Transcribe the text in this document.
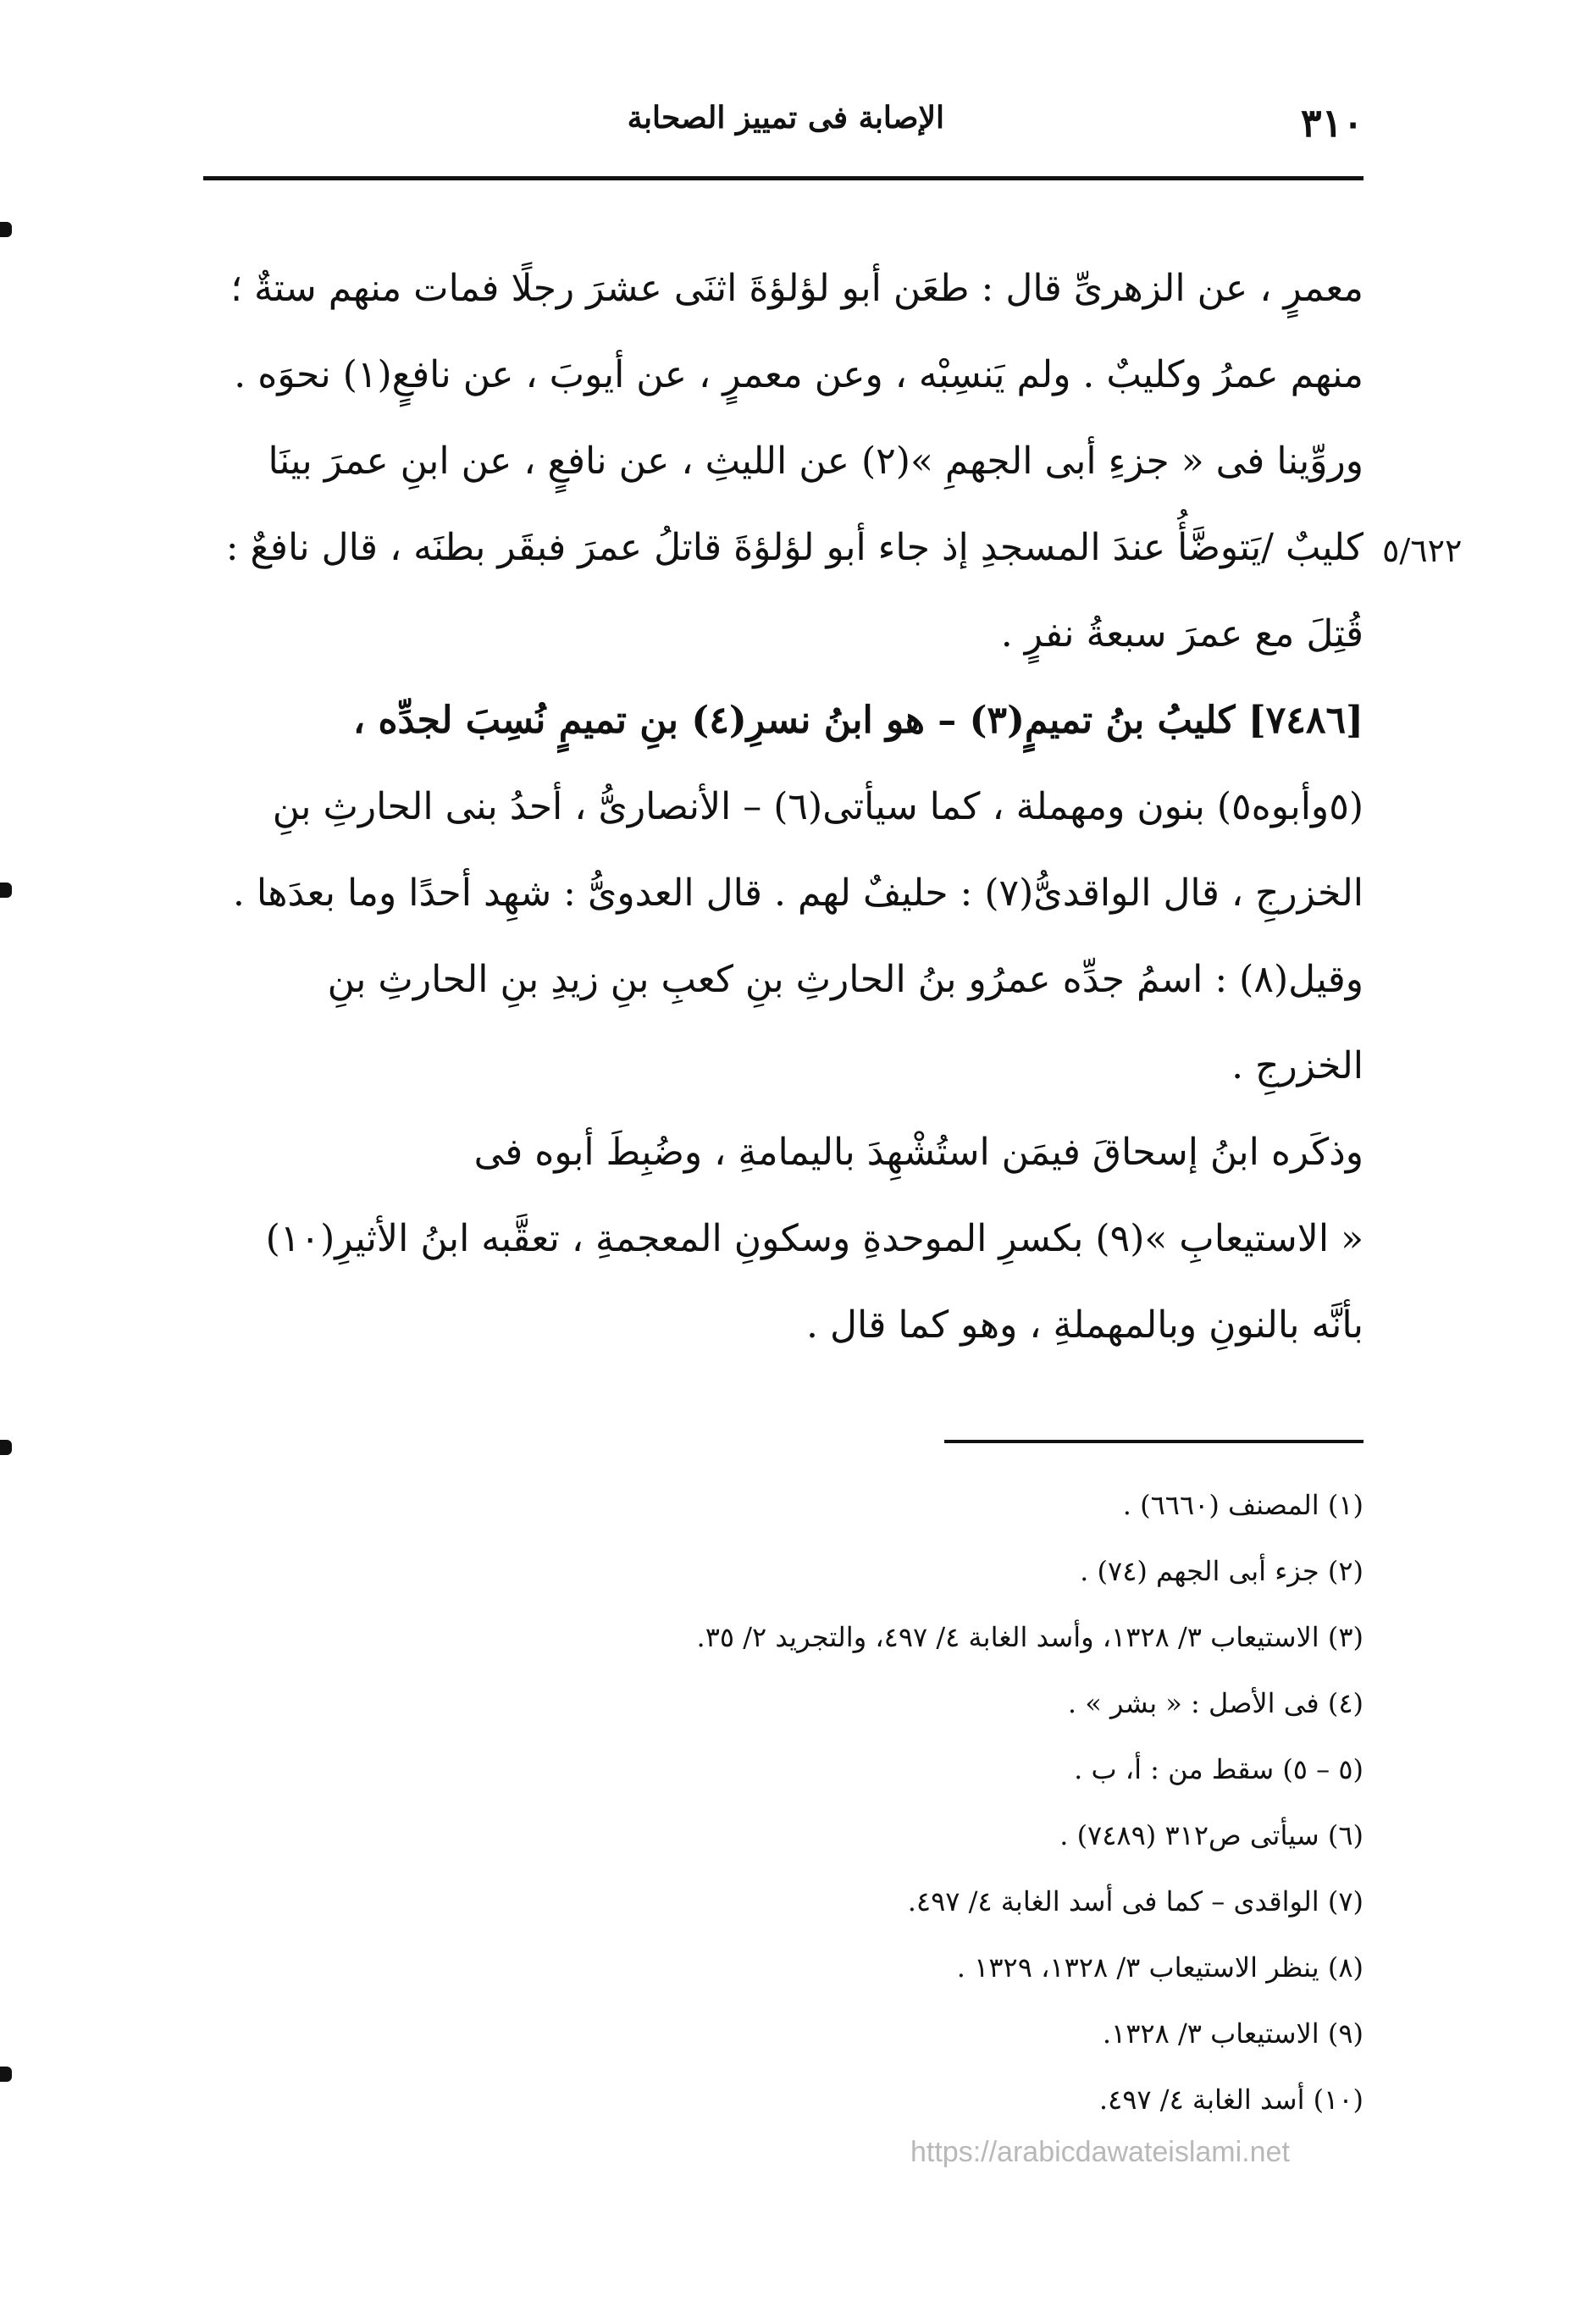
٣١٠
الإصابة فى تمييز الصحابة
معمرٍ ، عن الزهرىِّ قال : طعَن أبو لؤلؤةَ اثنَى عشرَ رجلًا فمات منهم ستةٌ ؛
منهم عمرُ وكليبٌ . ولم يَنسِبْه ، وعن معمرٍ ، عن أيوبَ ، عن نافعٍ(١) نحوَه .
وروِّينا فى « جزءِ أبى الجهمِ »(٢) عن الليثِ ، عن نافعٍ ، عن ابنِ عمرَ بينَا
كليبٌ /يَتوضَّأُ عندَ المسجدِ إذ جاء أبو لؤلؤةَ قاتلُ عمرَ فبقَر بطنَه ، قال نافعٌ :
قُتِلَ مع عمرَ سبعةُ نفرٍ .
[٧٤٨٦] كليبُ بنُ تميمٍ(٣) – هو ابنُ نسرِ(٤) بنِ تميمٍ نُسِبَ لجدِّه ،
(٥وأبوه٥) بنون ومهملة ، كما سيأتى(٦) – الأنصارىُّ ، أحدُ بنى الحارثِ بنِ
الخزرجِ ، قال الواقدىُّ(٧) : حليفٌ لهم . قال العدوىُّ : شهِد أحدًا وما بعدَها .
وقيل(٨) : اسمُ جدِّه عمرُو بنُ الحارثِ بنِ كعبِ بنِ زيدِ بنِ الحارثِ بنِ
الخزرجِ .
وذكَره ابنُ إسحاقَ فيمَن استُشْهِدَ باليمامةِ ، وضُبِطَ أبوه فى
« الاستيعابِ »(٩) بكسرِ الموحدةِ وسكونِ المعجمةِ ، تعقَّبه ابنُ الأثيرِ(١٠)
بأنَّه بالنونِ وبالمهملةِ ، وهو كما قال .
٥/٦٢٢
(١) المصنف (٦٦٦٠) .
(٢) جزء أبى الجهم (٧٤) .
(٣) الاستيعاب ٣/ ١٣٢٨، وأسد الغابة ٤/ ٤٩٧، والتجريد ٢/ ٣٥.
(٤) فى الأصل : « بشر » .
(٥ – ٥) سقط من : أ، ب .
(٦) سيأتى ص٣١٢ (٧٤٨٩) .
(٧) الواقدى – كما فى أسد الغابة ٤/ ٤٩٧.
(٨) ينظر الاستيعاب ٣/ ١٣٢٨، ١٣٢٩ .
(٩) الاستيعاب ٣/ ١٣٢٨.
(١٠) أسد الغابة ٤/ ٤٩٧.
https://arabicdawateislami.net
